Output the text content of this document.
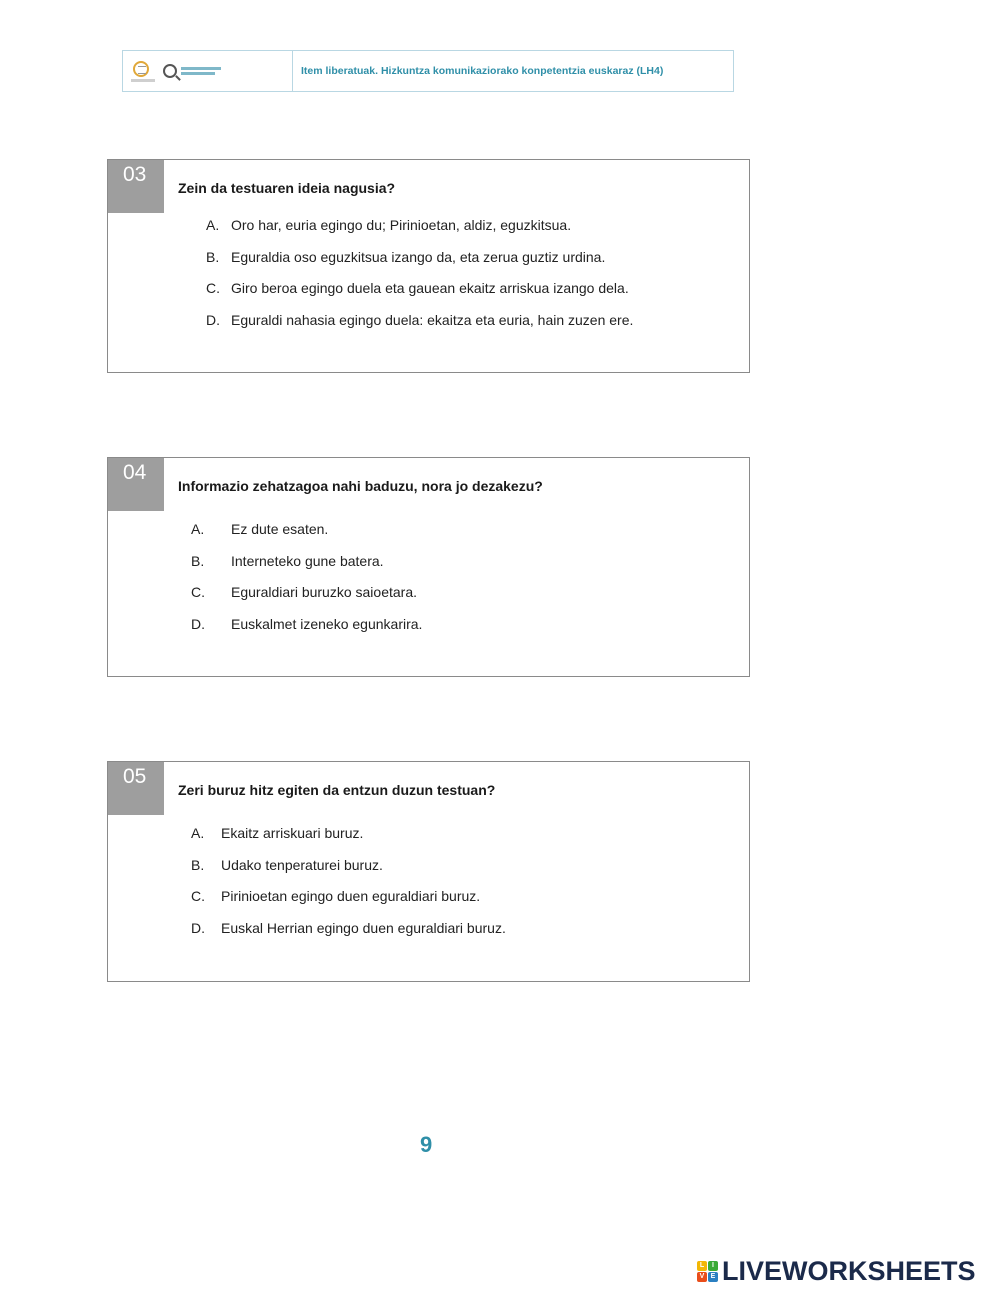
Item liberatuak. Hizkuntza komunikaziorako konpetentzia euskaraz (LH4)
03
Zein da testuaren ideia nagusia?
A. Oro har, euria egingo du; Pirinioetan, aldiz, eguzkitsua.
B. Eguraldia oso eguzkitsua izango da, eta zerua guztiz urdina.
C. Giro beroa egingo duela eta gauean ekaitz arriskua izango dela.
D. Eguraldi nahasia egingo duela: ekaitza eta euria, hain zuzen ere.
04
Informazio zehatzagoa nahi baduzu, nora jo dezakezu?
A. Ez dute esaten.
B. Interneteko gune batera.
C. Eguraldiari buruzko saioetara.
D. Euskalmet izeneko egunkarira.
05
Zeri buruz hitz egiten da entzun duzun testuan?
A. Ekaitz arriskuari buruz.
B. Udako tenperaturei buruz.
C. Pirinioetan egingo duen eguraldiari buruz.
D. Euskal Herrian egingo duen eguraldiari buruz.
9
L	I
V E LIVEWORKSHEETS
